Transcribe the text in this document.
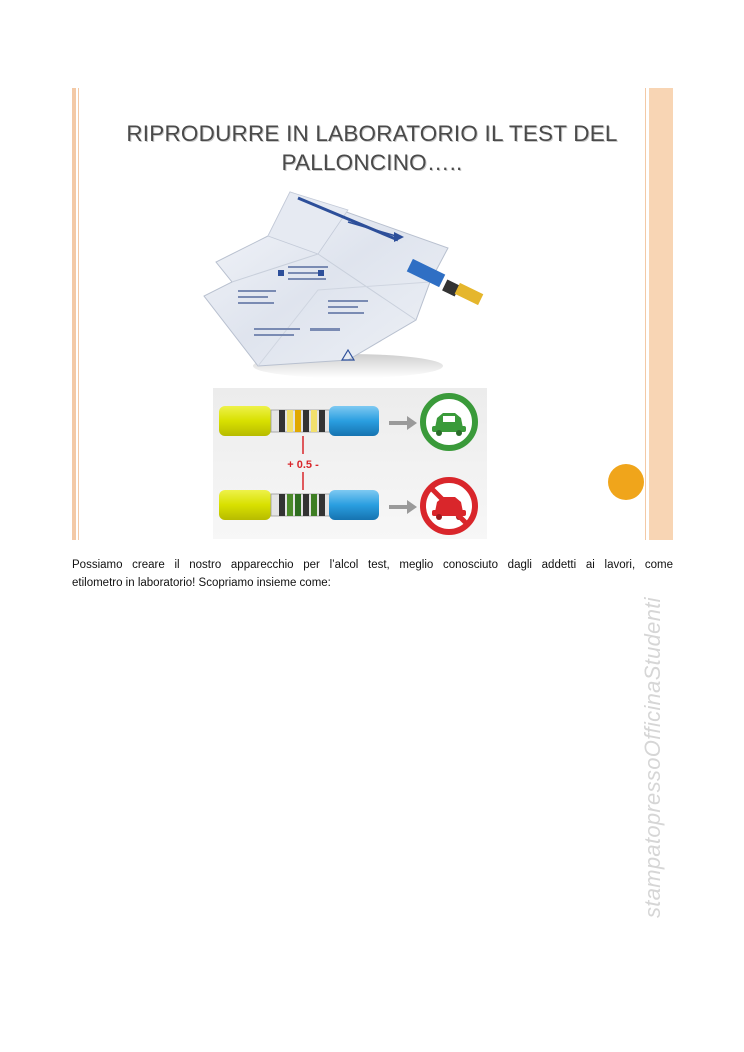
RIPRODURRE IN LABORATORIO IL TEST DEL
PALLONCINO…..
+ 0.5 -
Possiamo creare il nostro apparecchio per l’alcol test, meglio conosciuto dagli addetti ai lavori, come
etilometro in laboratorio! Scopriamo insieme come:
stampatopressoOfficinaStudenti
